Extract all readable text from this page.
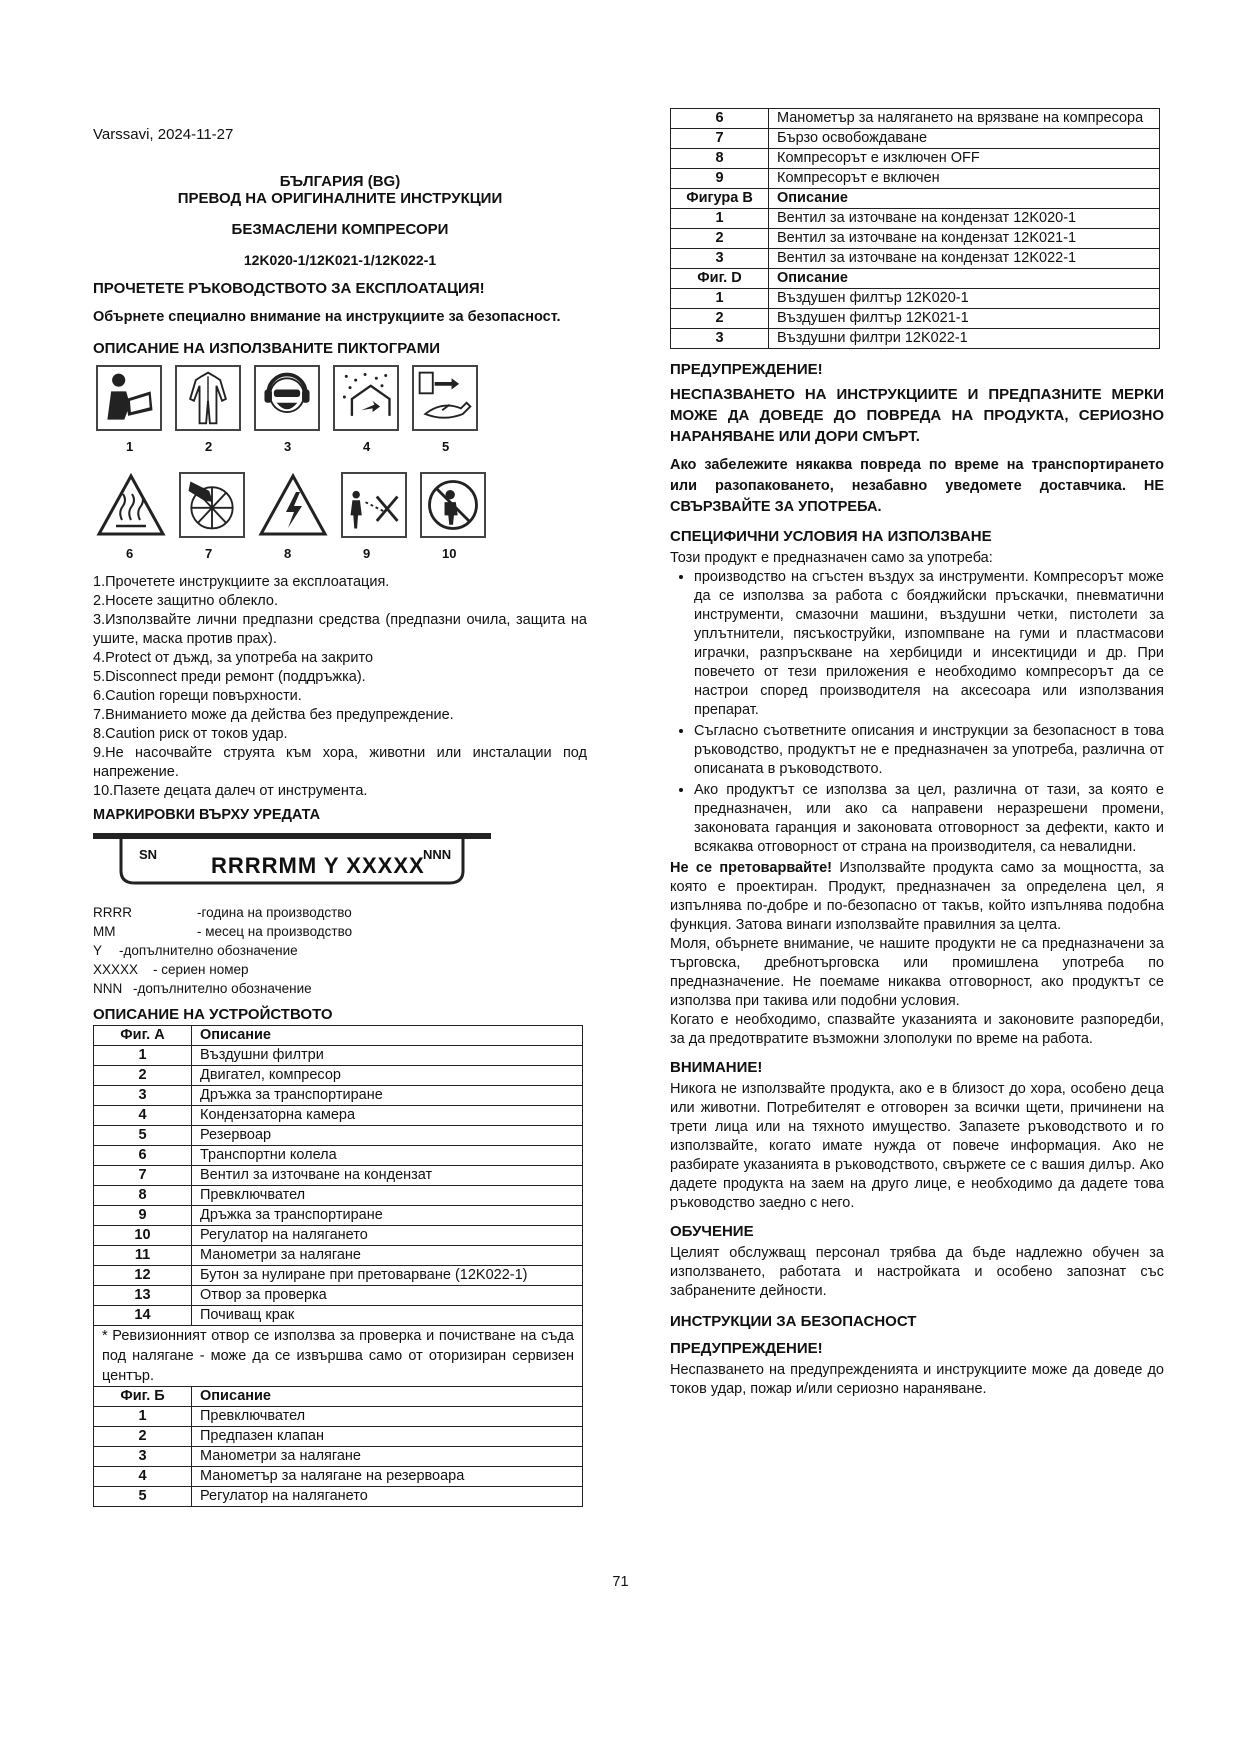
Varssavi, 2024-11-27
БЪЛГАРИЯ (BG)
ПРЕВОД НА ОРИГИНАЛНИТЕ ИНСТРУКЦИИ
БЕЗМАСЛЕНИ КОМПРЕСОРИ
12K020-1/12K021-1/12K022-1
ПРОЧЕТЕТЕ РЪКОВОДСТВОТО ЗА ЕКСПЛОАТАЦИЯ!
Обърнете специално внимание на инструкциите за безопасност.
ОПИСАНИЕ НА ИЗПОЛЗВАНИТЕ ПИКТОГРАМИ
1	2	3	4	5
6	7	8	9	10

1.Прочетете инструкциите за експлоатация.

2.Носете защитно облекло.

3.Използвайте лични предпазни средства (предпазни очила, защита на ушите, маска против прах).

4.Protect от дъжд, за употреба на закрито

5.Disconnect преди ремонт (поддръжка).

6.Caution горещи повърхности.

7.Вниманието може да действа без предупреждение.

8.Caution риск от токов удар.

9.Не насочвайте струята към хора, животни или инсталации под напрежение.

10.Пазете децата далеч от инструмента.

МАРКИРОВКИ ВЪРХУ УРЕДАТА
SN RRRRMM Y XXXXX
NNN
RRRR	-година на производство
MM	- месец на производство
Y	-допълнително обозначение
XXXXX	- сериен номер
NNN -допълнително обозначение
ОПИСАНИЕ НА УСТРОЙСТВОТО
Фиг. А	Описание
1	Въздушни филтри
2	Двигател, компресор
3	Дръжка за транспортиране
4	Кондензаторна камера
5	Резервоар
6	Транспортни колела
7	Вентил за източване на кондензат
8	Превключвател
9	Дръжка за транспортиране
10	Регулатор на налягането
11	Манометри за налягане
12	Бутон за нулиране при претоварване (12K022-1)
13	Отвор за проверка
14	Почиващ крак
* Ревизионният отвор се използва за проверка и почистване на съда под налягане - може да се извършва само от оторизиран сервизен център.	
Фиг. Б	Описание
1	Превключвател
2	Предпазен клапан
3	Манометри за налягане
4	Манометър за налягане на резервоара
5	Регулатор на налягането
6	Манометър за налягането на врязване на компресора
7	Бързо освобождаване
8	Компресорът е изключен OFF
9	Компресорът е включен
Фигура В	Описание
1	Вентил за източване на кондензат 12K020-1
2	Вентил за източване на кондензат 12K021-1
3	Вентил за източване на кондензат 12K022-1
Фиг. D	Описание
1	Въздушен филтър 12K020-1
2	Въздушен филтър 12K021-1
3	Въздушни филтри 12K022-1
ПРЕДУПРЕЖДЕНИЕ!

НЕСПАЗВАНЕТО НА ИНСТРУКЦИИТЕ И ПРЕДПАЗНИТЕ МЕРКИ МОЖЕ ДА ДОВЕДЕ ДО ПОВРЕДА НА ПРОДУКТА, СЕРИОЗНО НАРАНЯВАНЕ ИЛИ ДОРИ СМЪРТ.

Ако забележите някаква повреда по време на транспортирането или разопаковането, незабавно уведомете доставчика. НЕ СВЪРЗВАЙТЕ ЗА УПОТРЕБА.

СПЕЦИФИЧНИ УСЛОВИЯ НА ИЗПОЛЗВАНЕ

Този продукт е предназначен само за употреба:

• производство на сгъстен въздух за инструменти. Компресорът може да се използва за работа с бояджийски пръскачки, пневматични инструменти, смазочни машини, въздушни четки, пистолети за уплътнители, пясъкоструйки, изпомпване на гуми и пластмасови играчки, разпръскване на хербициди и инсектициди и др. При повечето от тези приложения е необходимо компресорът да се настрои според производителя на аксесоара или използвания препарат.
• Съгласно съответните описания и инструкции за безопасност в това ръководство, продуктът не е предназначен за употреба, различна от описаната в ръководството.
• Ако продуктът се използва за цел, различна от тази, за която е предназначен, или ако са направени неразрешени промени, законовата гаранция и законовата отговорност за дефекти, както и всякаква отговорност от страна на производителя, са невалидни.

Не се претоварвайте! Използвайте продукта само за мощността, за която е проектиран. Продукт, предназначен за определена цел, я изпълнява по-добре и по-безопасно от такъв, който изпълнява подобна функция. Затова винаги използвайте правилния за целта.

Моля, обърнете внимание, че нашите продукти не са предназначени за търговска, дребнотърговска или промишлена употреба по предназначение. Не поемаме никаква отговорност, ако продуктът се използва при такива или подобни условия.

Когато е необходимо, спазвайте указанията и законовите разпоредби, за да предотвратите възможни злополуки по време на работа.

ВНИМАНИЕ!

Никога не използвайте продукта, ако е в близост до хора, особено деца или животни. Потребителят е отговорен за всички щети, причинени на трети лица или на тяхното имущество. Запазете ръководството и го използвайте, когато имате нужда от повече информация. Ако не разбирате указанията в ръководството, свържете се с вашия дилър. Ако дадете продукта на заем на друго лице, е необходимо да дадете това ръководство заедно с него.

ОБУЧЕНИЕ

Целият обслужващ персонал трябва да бъде надлежно обучен за използването, работата и настройката и особено запознат със забранените дейности.

ИНСТРУКЦИИ ЗА БЕЗОПАСНОСТ
ПРЕДУПРЕЖДЕНИЕ!

Неспазването на предупрежденията и инструкциите може да доведе до токов удар, пожар и/или сериозно нараняване.

71
